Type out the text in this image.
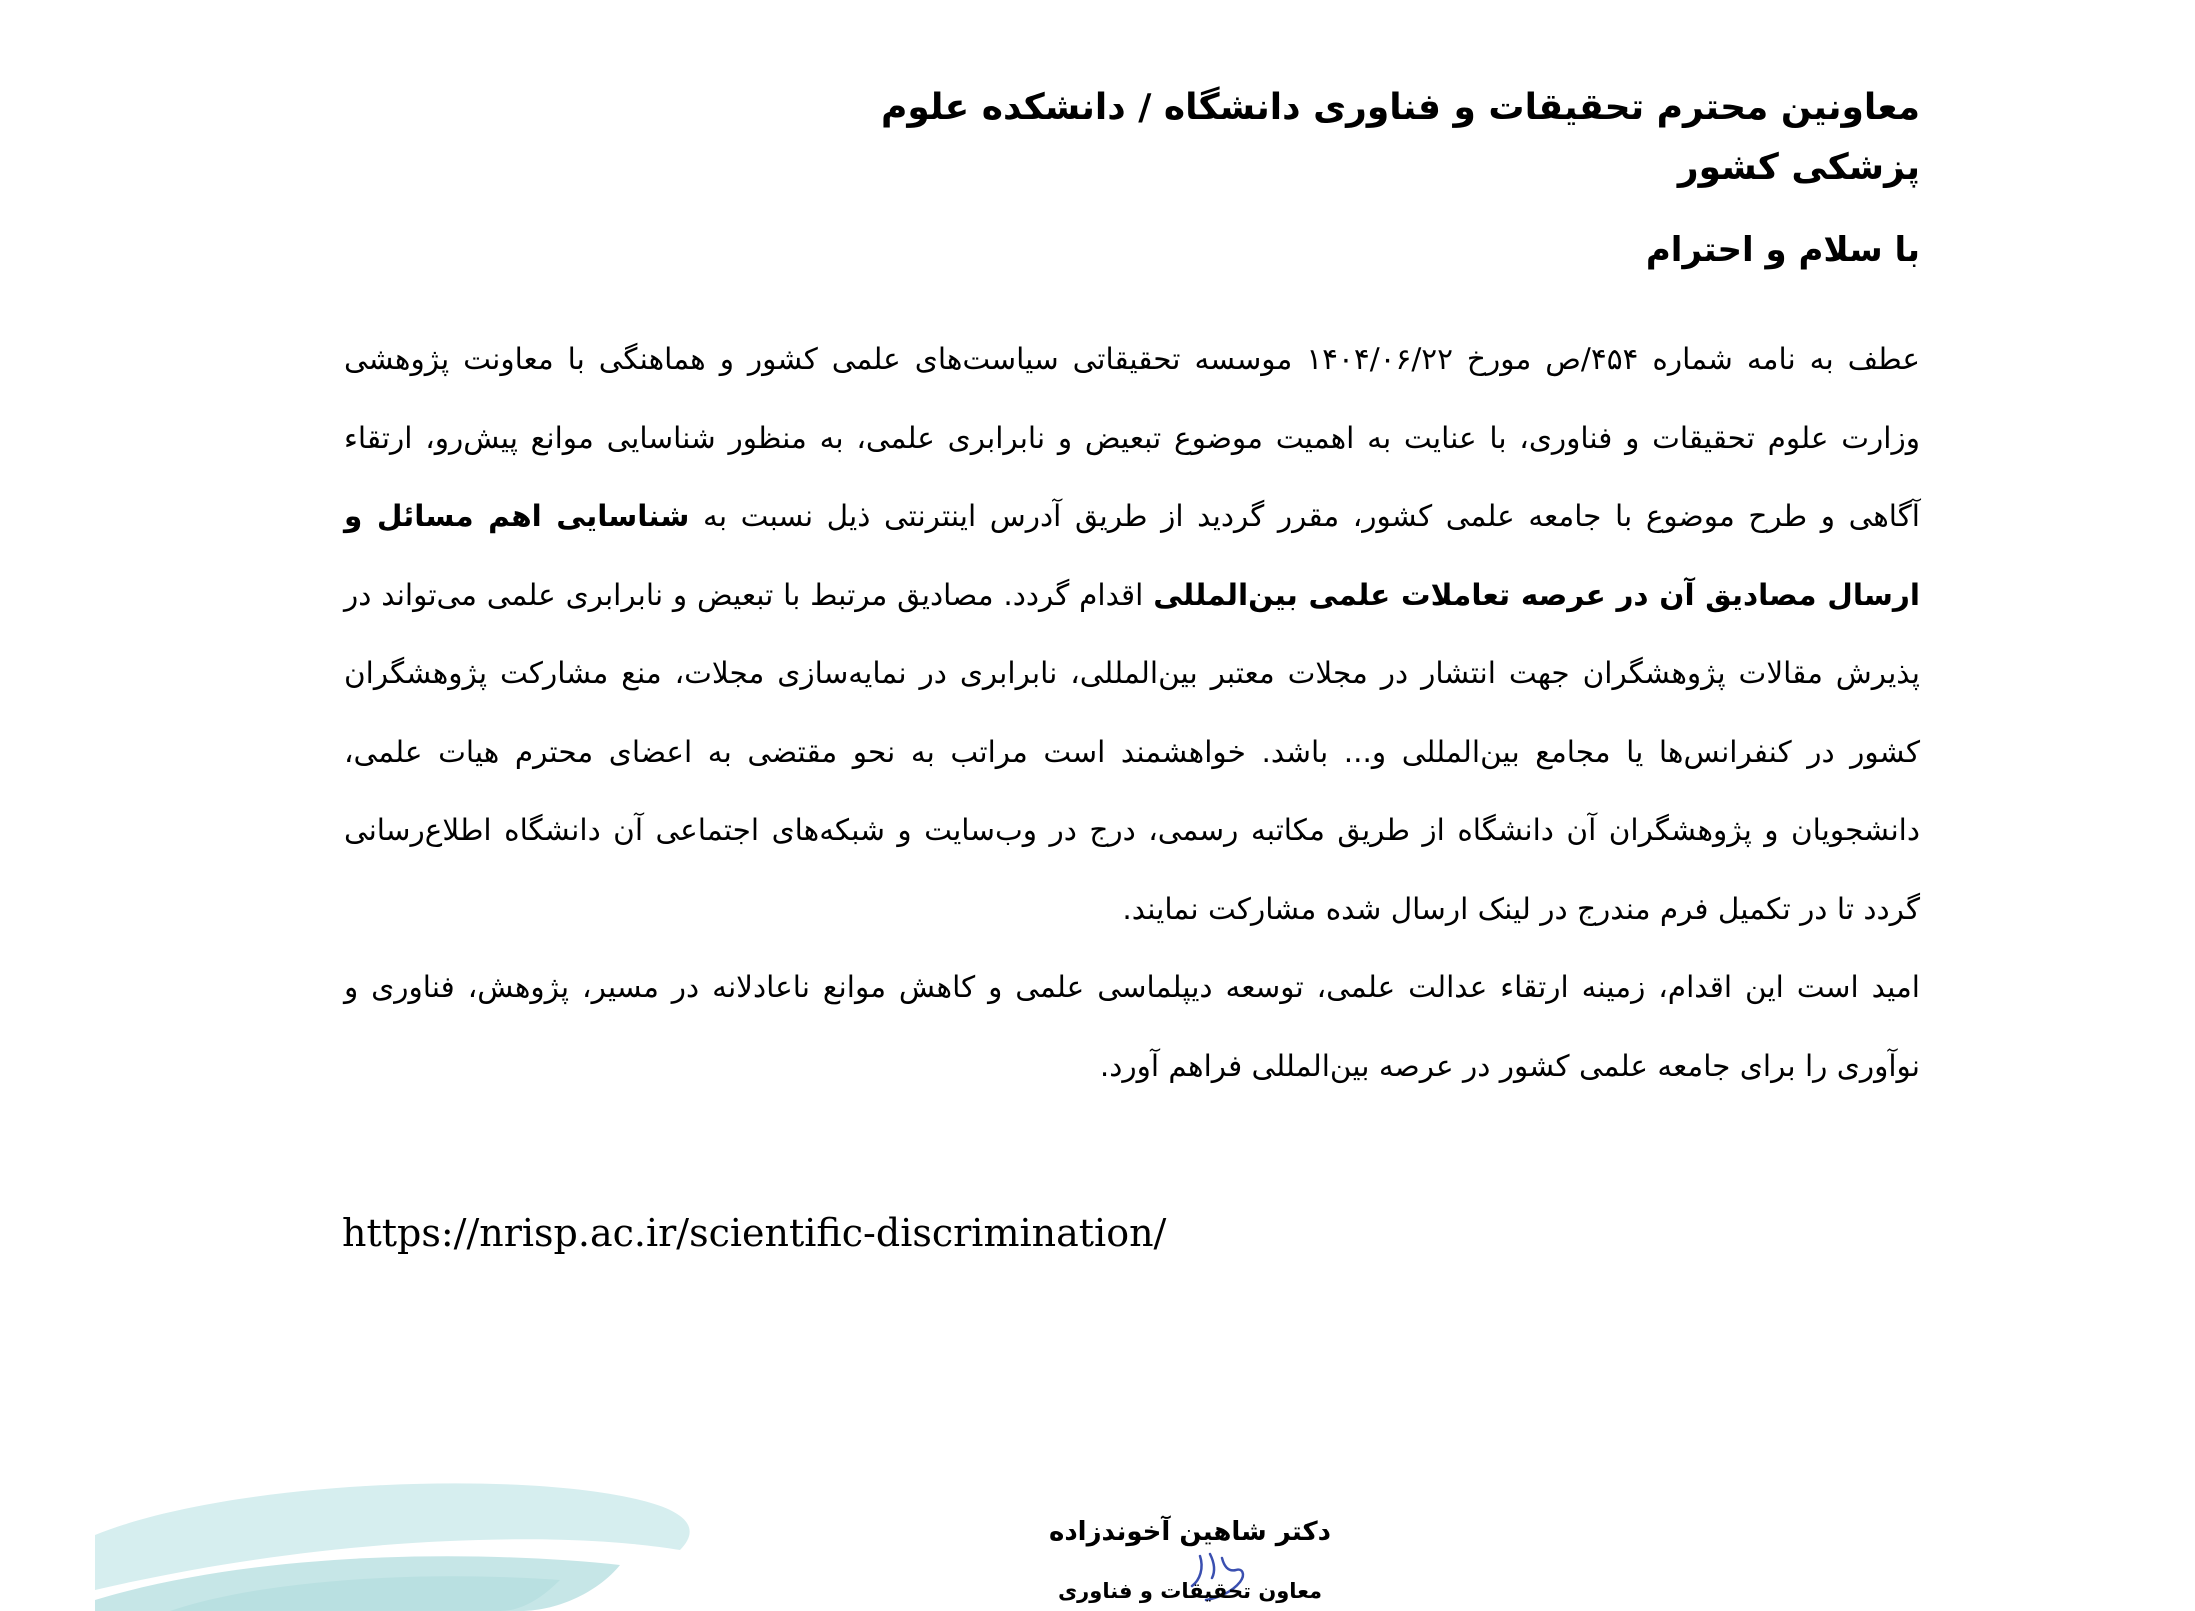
معاونین محترم تحقیقات و فناوری دانشگاه / دانشکده علوم پزشکی کشور
با سلام و احترام

عطف به نامه شماره ۴۵۴/ص مورخ ۱۴۰۴/۰۶/۲۲ موسسه تحقیقاتی سیاست‌های علمی کشور و هماهنگی با معاونت پژوهشی وزارت علوم تحقیقات و فناوری، با عنایت به اهمیت موضوع تبعیض و نابرابری علمی، به منظور شناسایی موانع پیش‌رو، ارتقاء آگاهی و طرح موضوع با جامعه علمی کشور، مقرر گردید از طریق آدرس اینترنتی ذیل نسبت به شناسایی اهم مسائل و ارسال مصادیق آن در عرصه تعاملات علمی بین‌المللی اقدام گردد. مصادیق مرتبط با تبعیض و نابرابری علمی می‌تواند در پذیرش مقالات پژوهشگران جهت انتشار در مجلات معتبر بین‌المللی، نابرابری در نمایه‌سازی مجلات، منع مشارکت پژوهشگران کشور در کنفرانس‌ها یا مجامع بین‌المللی و... باشد. خواهشمند است مراتب به نحو مقتضی به اعضای محترم هیات علمی، دانشجویان و پژوهشگران آن دانشگاه از طریق مکاتبه رسمی، درج در وب‌سایت و شبکه‌های اجتماعی آن دانشگاه اطلاع‌رسانی گردد تا در تکمیل فرم مندرج در لینک ارسال شده مشارکت نمایند.

امید است این اقدام، زمینه ارتقاء عدالت علمی، توسعه دیپلماسی علمی و کاهش موانع ناعادلانه در مسیر، پژوهش، فناوری و نوآوری را برای جامعه علمی کشور در عرصه بین‌المللی فراهم آورد.

https://nrisp.ac.ir/scientific-discrimination/
دکتر شاهین آخوندزاده
معاون تحقیقات و فناوری
